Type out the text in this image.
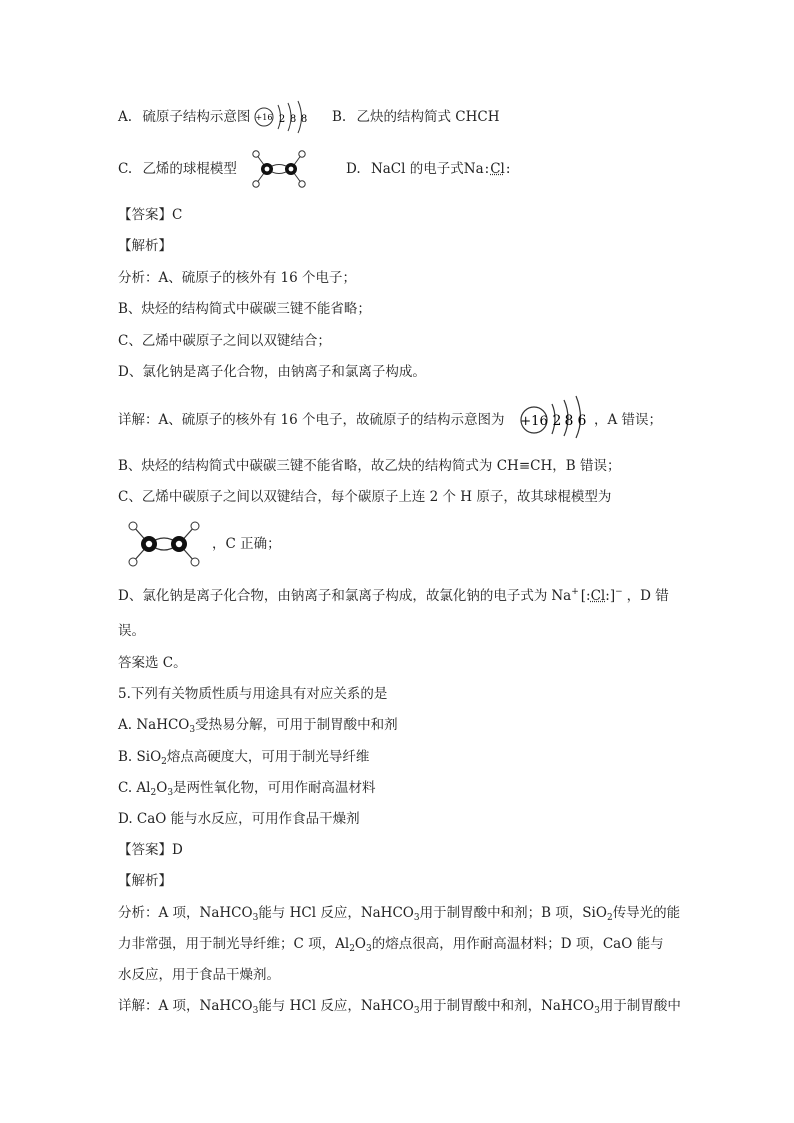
A. 硫原子结构示意图 +16 2 8 8 B. 乙炔的结构简式 CHCH
C. 乙烯的球棍模型	D. NaCl 的电子式Na:Cl:
【答案】C
【解析】
分析：A、硫原子的核外有 16 个电子；
B、炔烃的结构简式中碳碳三键不能省略；
C、乙烯中碳原子之间以双键结合；
D、氯化钠是离子化合物，由钠离子和氯离子构成。
详解：A、硫原子的核外有 16 个电子，故硫原子的结构示意图为 +16 2 8 6 ，A 错误；
B、炔烃的结构简式中碳碳三键不能省略，故乙炔的结构简式为 CH≡CH，B 错误；
C、乙烯中碳原子之间以双键结合，每个碳原子上连 2 个 H 原子，故其球棍模型为
，C 正确；
D、氯化钠是离子化合物，由钠离子和氯离子构成，故氯化钠的电子式为 Na+ [:Cl:]− ，D 错
误。
答案选 C。
5.下列有关物质性质与用途具有对应关系的是
A. NaHCO$_3$受热易分解，可用于制胃酸中和剂
B. SiO$_2$熔点高硬度大，可用于制光导纤维
C. $Al_2O_3$是两性氧化物，可用作耐高温材料
D. CaO 能与水反应，可用作食品干燥剂
【答案】D
【解析】
分析：A 项，NaHCO$_3$能与 HCl 反应，NaHCO$_3$用于制胃酸中和剂；B 项，SiO$_2$传导光的能
力非常强，用于制光导纤维；C 项，$Al_2O_3$的熔点很高，用作耐高温材料；D 项，CaO 能与
水反应，用于食品干燥剂。
详解：A 项，NaHCO$_3$能与 HCl 反应，NaHCO$_3$用于制胃酸中和剂，NaHCO$_3$用于制胃酸中
